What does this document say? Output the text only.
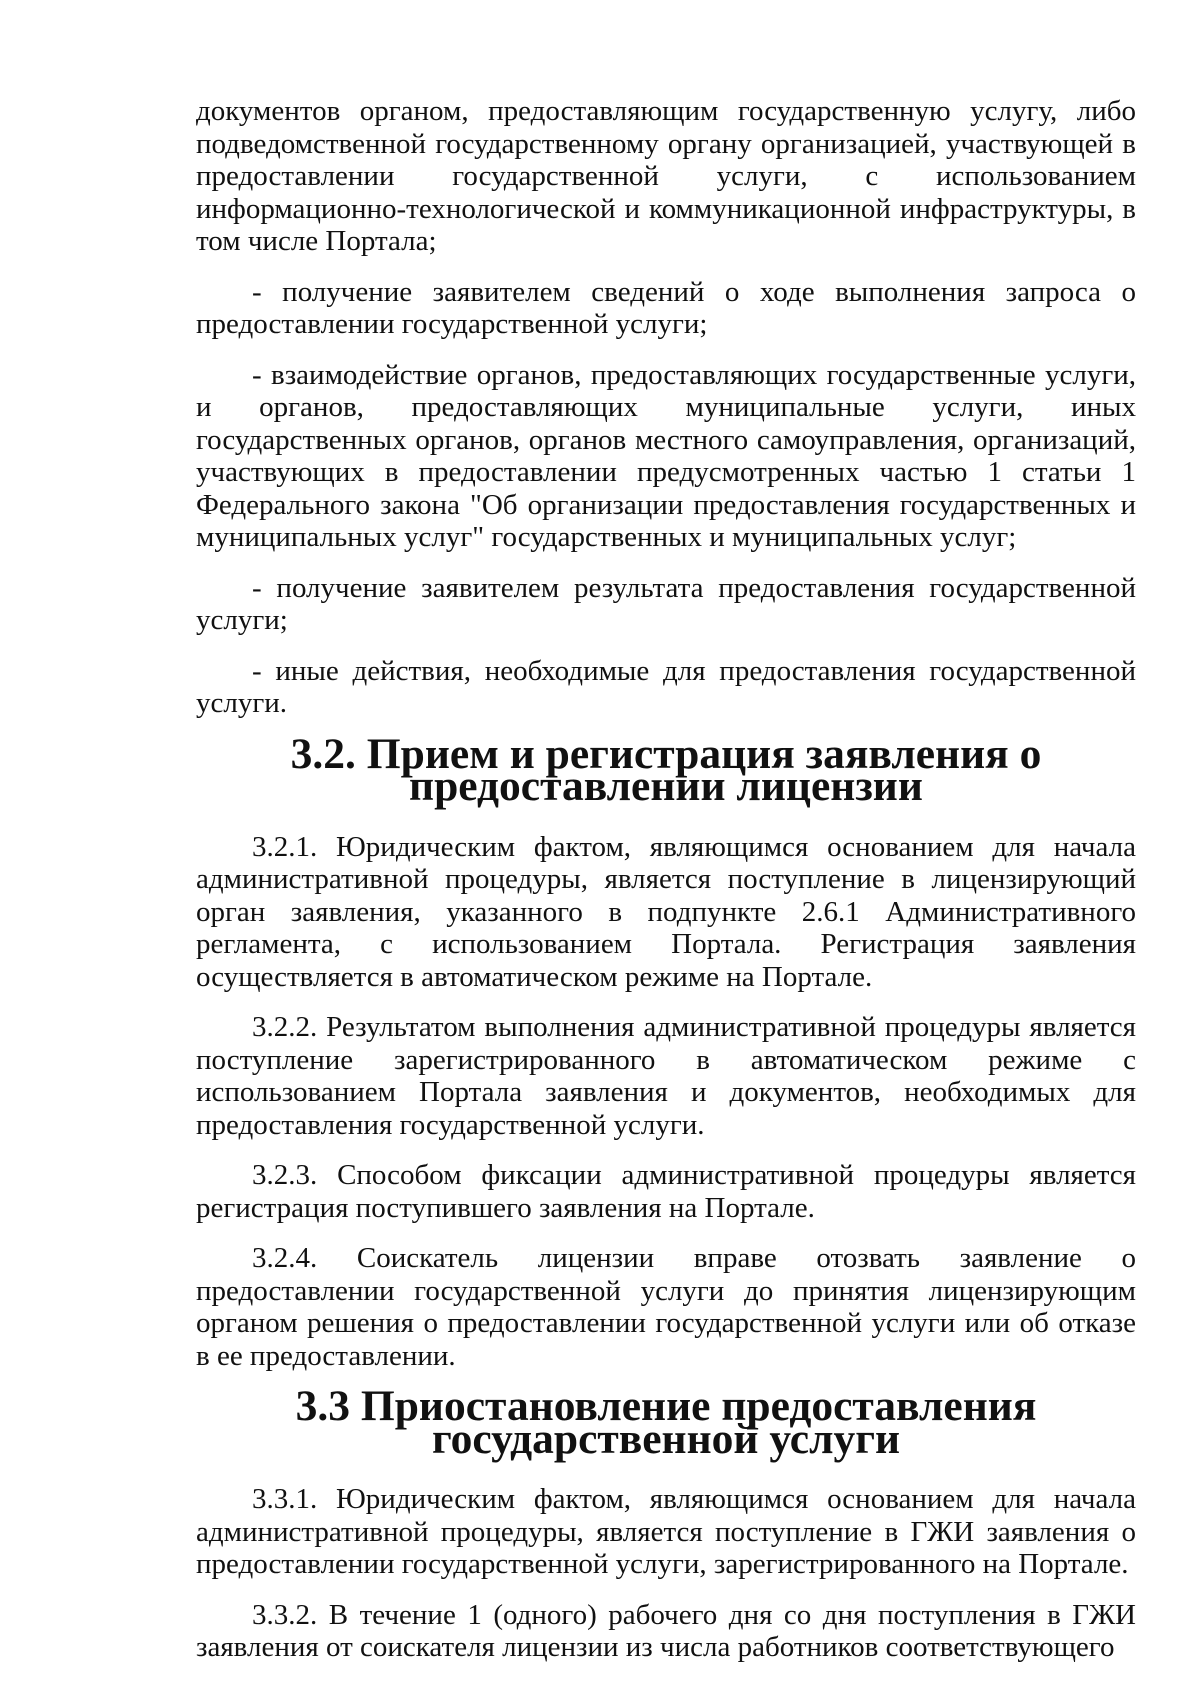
документов органом, предоставляющим государственную услугу, либо подведомственной государственному органу организацией, участвующей в предоставлении государственной услуги, с использованием информационно-технологической и коммуникационной инфраструктуры, в том числе Портала;

- получение заявителем сведений о ходе выполнения запроса о предоставлении государственной услуги;

- взаимодействие органов, предоставляющих государственные услуги, и органов, предоставляющих муниципальные услуги, иных государственных органов, органов местного самоуправления, организаций, участвующих в предоставлении предусмотренных частью 1 статьи 1 Федерального закона "Об организации предоставления государственных и муниципальных услуг" государственных и муниципальных услуг;

- получение заявителем результата предоставления государственной услуги;

- иные действия, необходимые для предоставления государственной услуги.

3.2. Прием и регистрация заявления о предоставлении лицензии

3.2.1. Юридическим фактом, являющимся основанием для начала административной процедуры, является поступление в лицензирующий орган заявления, указанного в подпункте 2.6.1 Административного регламента, с использованием Портала. Регистрация заявления осуществляется в автоматическом режиме на Портале.

3.2.2. Результатом выполнения административной процедуры является поступление зарегистрированного в автоматическом режиме с использованием Портала заявления и документов, необходимых для предоставления государственной услуги.

3.2.3. Способом фиксации административной процедуры является регистрация поступившего заявления на Портале.

3.2.4. Соискатель лицензии вправе отозвать заявление о предоставлении государственной услуги до принятия лицензирующим органом решения о предоставлении государственной услуги или об отказе в ее предоставлении.

3.3 Приостановление предоставления государственной услуги

3.3.1. Юридическим фактом, являющимся основанием для начала административной процедуры, является поступление в ГЖИ заявления о предоставлении государственной услуги, зарегистрированного на Портале.

3.3.2. В течение 1 (одного) рабочего дня со дня поступления в ГЖИ заявления от соискателя лицензии из числа работников соответствующего
